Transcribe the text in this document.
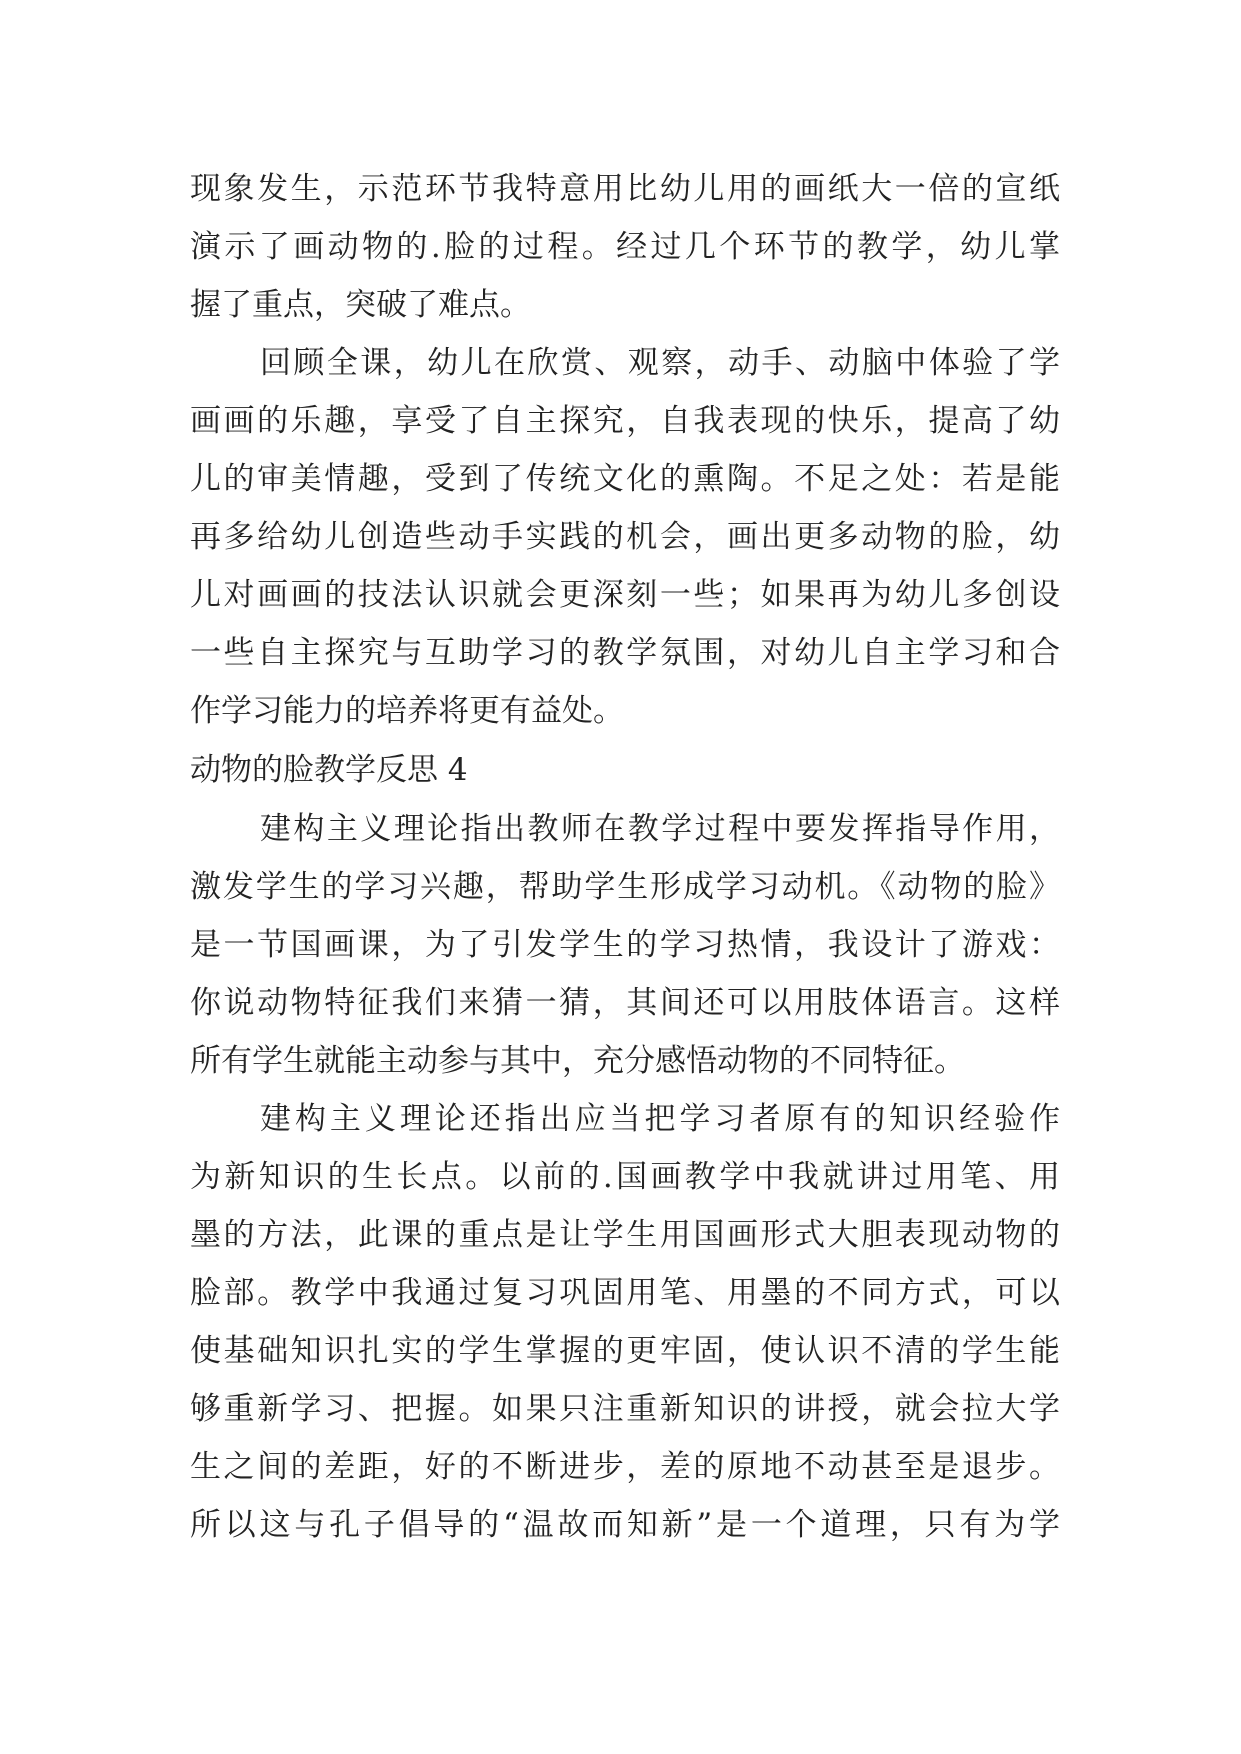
现象发生，示范环节我特意用比幼儿用的画纸大一倍的宣纸
演示了画动物的.脸的过程。经过几个环节的教学，幼儿掌
握了重点，突破了难点。
回顾全课，幼儿在欣赏、观察，动手、动脑中体验了学
画画的乐趣，享受了自主探究，自我表现的快乐，提高了幼
儿的审美情趣，受到了传统文化的熏陶。不足之处：若是能
再多给幼儿创造些动手实践的机会，画出更多动物的脸，幼
儿对画画的技法认识就会更深刻一些；如果再为幼儿多创设
一些自主探究与互助学习的教学氛围，对幼儿自主学习和合
作学习能力的培养将更有益处。
动物的脸教学反思 4
建构主义理论指出教师在教学过程中要发挥指导作用，
激发学生的学习兴趣，帮助学生形成学习动机。《动物的脸》
是一节国画课，为了引发学生的学习热情，我设计了游戏：
你说动物特征我们来猜一猜，其间还可以用肢体语言。这样
所有学生就能主动参与其中，充分感悟动物的不同特征。
建构主义理论还指出应当把学习者原有的知识经验作
为新知识的生长点。以前的.国画教学中我就讲过用笔、用
墨的方法，此课的重点是让学生用国画形式大胆表现动物的
脸部。教学中我通过复习巩固用笔、用墨的不同方式，可以
使基础知识扎实的学生掌握的更牢固，使认识不清的学生能
够重新学习、把握。如果只注重新知识的讲授，就会拉大学
生之间的差距，好的不断进步，差的原地不动甚至是退步。
所以这与孔子倡导的“温故而知新”是一个道理，只有为学
